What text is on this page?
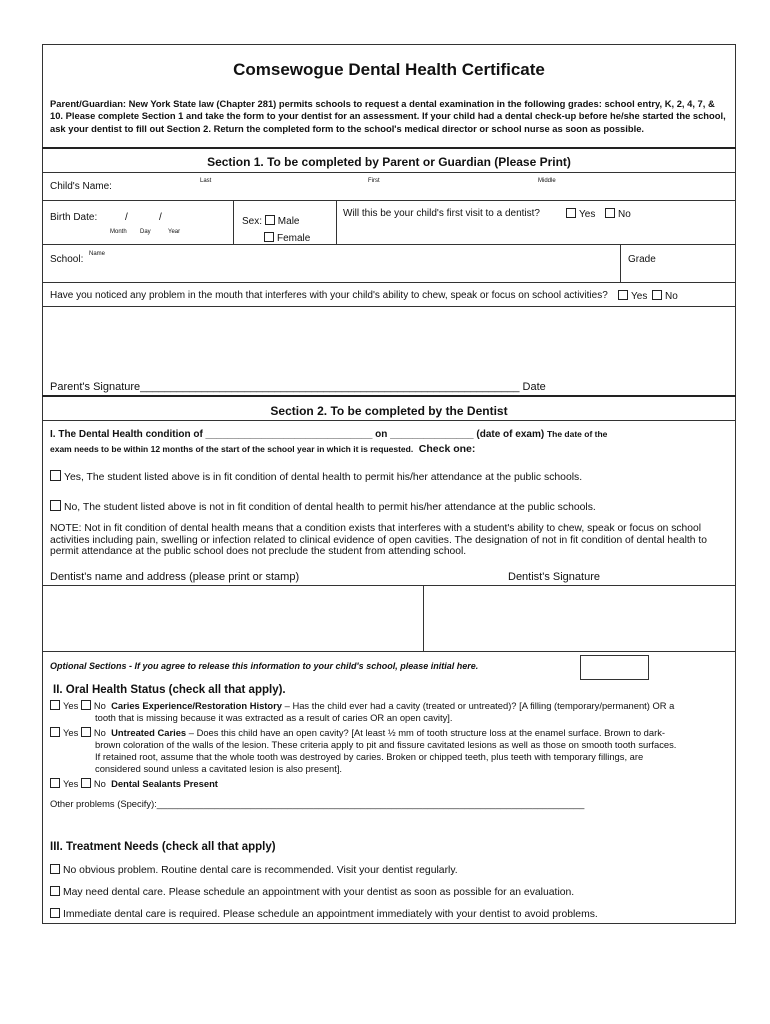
Comsewogue Dental Health Certificate
Parent/Guardian: New York State law (Chapter 281) permits schools to request a dental examination in the following grades: school entry, K, 2, 4, 7, & 10. Please complete Section 1 and take the form to your dentist for an assessment. If your child had a dental check-up before he/she started the school, ask your dentist to fill out Section 2. Return the completed form to the school's medical director or school nurse as soon as possible.
Section 1. To be completed by Parent or Guardian (Please Print)
Child's Name:	Last	First	Middle
Birth Date:	/	/
Month Day	Year
Sex: Male
Female
Will this be your child's first visit to a dentist?	Yes	No
School: Name	Grade
Have you noticed any problem in the mouth that interferes with your child's ability to chew, speak or focus on school activities?	Yes	No
Parent's Signature______________________________________________________________ Date
Section 2. To be completed by the Dentist
I. The Dental Health condition of ______________________________ on _______________ (date of exam) The date of the
exam needs to be within 12 months of the start of the school year in which it is requested. Check one:
Yes, The student listed above is in fit condition of dental health to permit his/her attendance at the public schools.
No, The student listed above is not in fit condition of dental health to permit his/her attendance at the public schools.
NOTE: Not in fit condition of dental health means that a condition exists that interferes with a student's ability to chew, speak or focus on school activities including pain, swelling or infection related to clinical evidence of open cavities. The designation of not in fit condition of dental health to permit attendance at the public school does not preclude the student from attending school.
Dentist's name and address (please print or stamp)	Dentist's Signature
Optional Sections - If you agree to release this information to your child's school, please initial here.
II. Oral Health Status (check all that apply).
Yes No Caries Experience/Restoration History – Has the child ever had a cavity (treated or untreated)? [A filling (temporary/permanent) OR a
tooth that is missing because it was extracted as a result of caries OR an open cavity].
Yes No Untreated Caries – Does this child have an open cavity? [At least ½ mm of tooth structure loss at the enamel surface. Brown to dark-
brown coloration of the walls of the lesion. These criteria apply to pit and fissure cavitated lesions as well as those on smooth tooth surfaces.
If retained root, assume that the whole tooth was destroyed by caries. Broken or chipped teeth, plus teeth with temporary fillings, are
considered sound unless a cavitated lesion is also present].
Yes No Dental Sealants Present
Other problems (Specify):__________________________________________________________________________________
III. Treatment Needs (check all that apply)
No obvious problem. Routine dental care is recommended. Visit your dentist regularly.
May need dental care. Please schedule an appointment with your dentist as soon as possible for an evaluation.
Immediate dental care is required. Please schedule an appointment immediately with your dentist to avoid problems.
